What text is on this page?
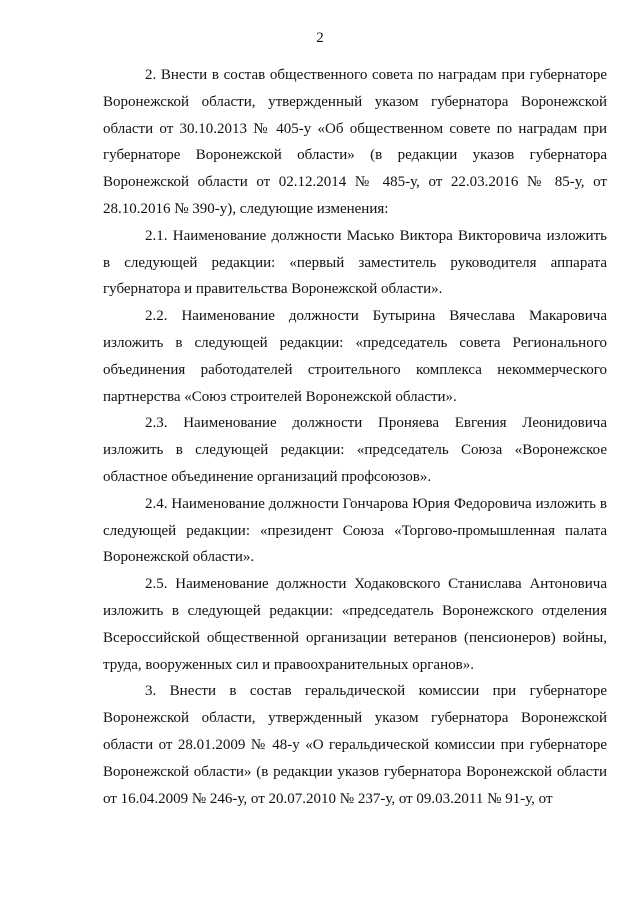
2

2. Внести в состав общественного совета по наградам при губернаторе Воронежской области, утвержденный указом губернатора Воронежской области от 30.10.2013 № 405-у «Об общественном совете по наградам при губернаторе Воронежской области» (в редакции указов губернатора Воронежской области от 02.12.2014 № 485-у, от 22.03.2016 № 85-у, от 28.10.2016 № 390-у), следующие изменения:

2.1. Наименование должности Масько Виктора Викторовича изложить в следующей редакции: «первый заместитель руководителя аппарата губернатора и правительства Воронежской области».

2.2. Наименование должности Бутырина Вячеслава Макаровича изложить в следующей редакции: «председатель совета Регионального объединения работодателей строительного комплекса некоммерческого партнерства «Союз строителей Воронежской области».

2.3. Наименование должности Проняева Евгения Леонидовича изложить в следующей редакции: «председатель Союза «Воронежское областное объединение организаций профсоюзов».

2.4. Наименование должности Гончарова Юрия Федоровича изложить в следующей редакции: «президент Союза «Торгово-промышленная палата Воронежской области».

2.5. Наименование должности Ходаковского Станислава Антоновича изложить в следующей редакции: «председатель Воронежского отделения Всероссийской общественной организации ветеранов (пенсионеров) войны, труда, вооруженных сил и правоохранительных органов».

3. Внести в состав геральдической комиссии при губернаторе Воронежской области, утвержденный указом губернатора Воронежской области от 28.01.2009 № 48-у «О геральдической комиссии при губернаторе Воронежской области» (в редакции указов губернатора Воронежской области от 16.04.2009 № 246-у, от 20.07.2010 № 237-у, от 09.03.2011 № 91-у, от
